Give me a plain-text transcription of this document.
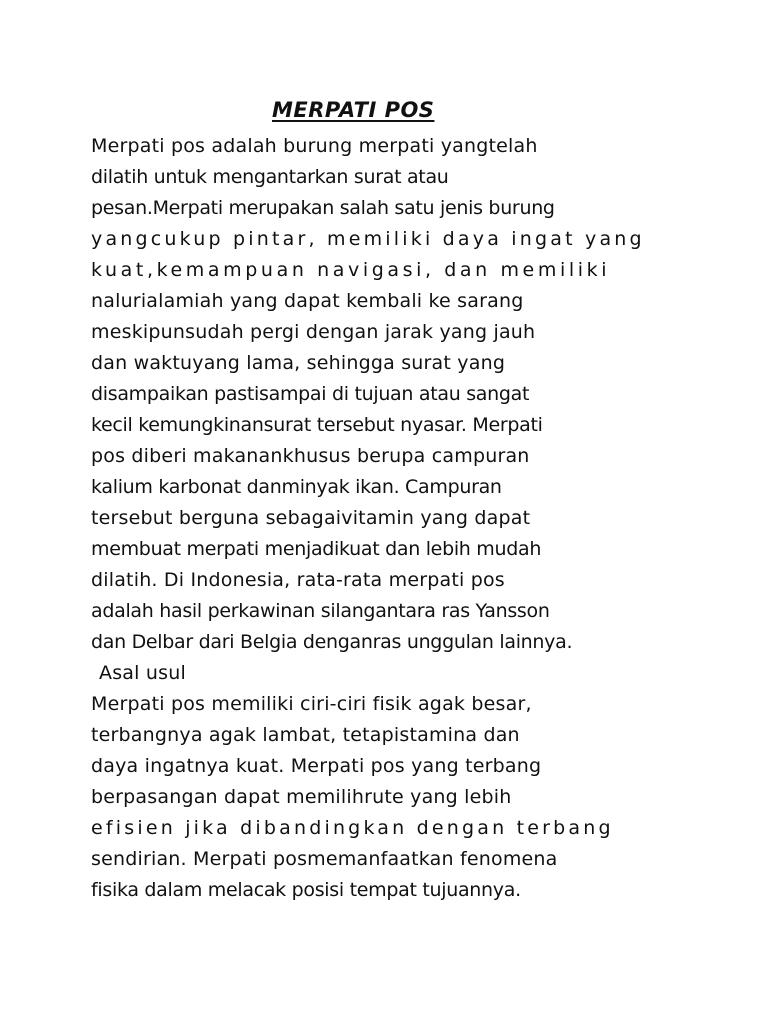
MERPATI POS
Merpati pos adalah burung merpati yangtelah
dilatih untuk mengantarkan surat atau
pesan.Merpati merupakan salah satu jenis burung
yangcukup pintar, memiliki daya ingat yang
kuat,kemampuan navigasi, dan memiliki
nalurialamiah yang dapat kembali ke sarang
meskipunsudah pergi dengan jarak yang jauh
dan waktuyang lama, sehingga surat yang
disampaikan pastisampai di tujuan atau sangat
kecil kemungkinansurat tersebut nyasar. Merpati
pos diberi makanankhusus berupa campuran
kalium karbonat danminyak ikan. Campuran
tersebut berguna sebagaivitamin yang dapat
membuat merpati menjadikuat dan lebih mudah
dilatih. Di Indonesia, rata-rata merpati pos
adalah hasil perkawinan silangantara ras Yansson
dan Delbar dari Belgia denganras unggulan lainnya.
Asal usul
Merpati pos memiliki ciri-ciri fisik agak besar,
terbangnya agak lambat, tetapistamina dan
daya ingatnya kuat. Merpati pos yang terbang
berpasangan dapat memilihrute yang lebih
efisien jika dibandingkan dengan terbang
sendirian. Merpati posmemanfaatkan fenomena
fisika dalam melacak posisi tempat tujuannya.
